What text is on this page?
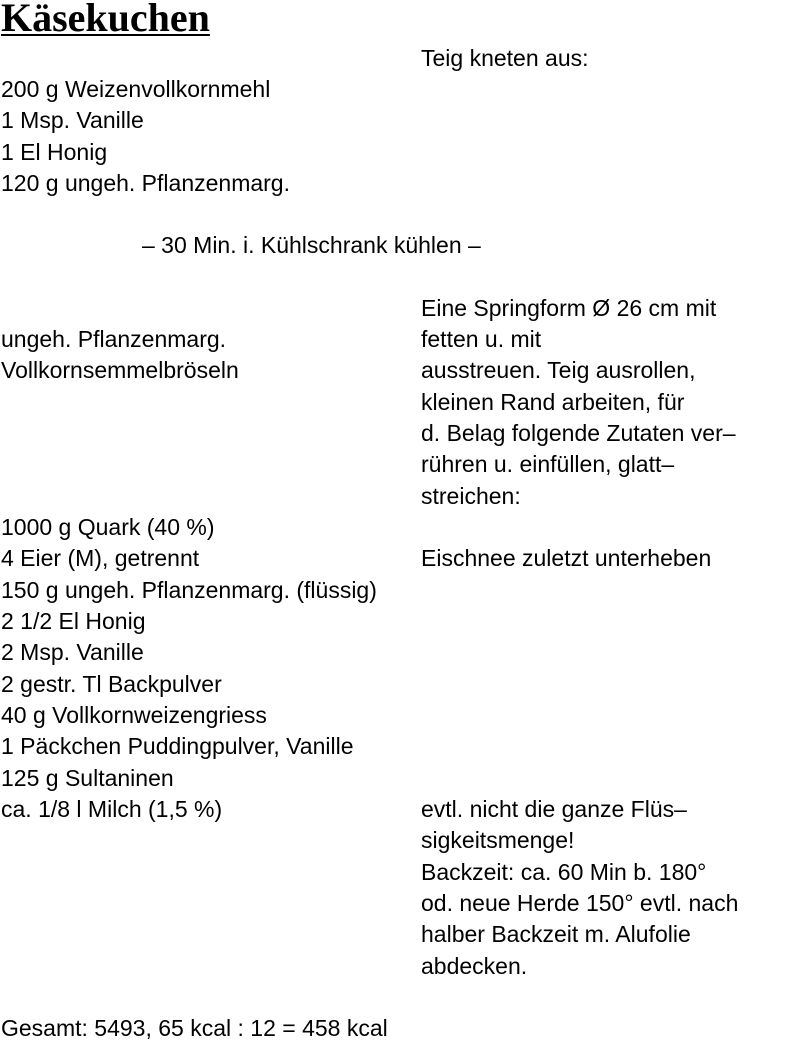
Käsekuchen
Teig kneten aus:
200 g Weizenvollkornmehl
1 Msp. Vanille
1 El Honig
120 g ungeh. Pflanzenmarg.
– 30 Min. i. Kühlschrank kühlen –
Eine Springform Ø 26 cm mit
ungeh. Pflanzenmarg.	fetten u. mit
Vollkornsemmelbröseln	ausstreuen. Teig ausrollen,
kleinen Rand arbeiten, für
d. Belag folgende Zutaten ver–
rühren u. einfüllen, glatt–
streichen:
1000 g Quark (40 %)
4 Eier (M), getrennt	Eischnee zuletzt unterheben
150 g ungeh. Pflanzenmarg. (flüssig)
2 1/2 El Honig
2 Msp. Vanille
2 gestr. Tl Backpulver
40 g Vollkornweizengriess
1 Päckchen Puddingpulver, Vanille
125 g Sultaninen
ca. 1/8 l Milch (1,5 %)	evtl. nicht die ganze Flüs–
sigkeitsmenge!
Backzeit: ca. 60 Min b. 180°
od. neue Herde 150° evtl. nach
halber Backzeit m. Alufolie
abdecken.
Gesamt: 5493, 65 kcal : 12 = 458 kcal
